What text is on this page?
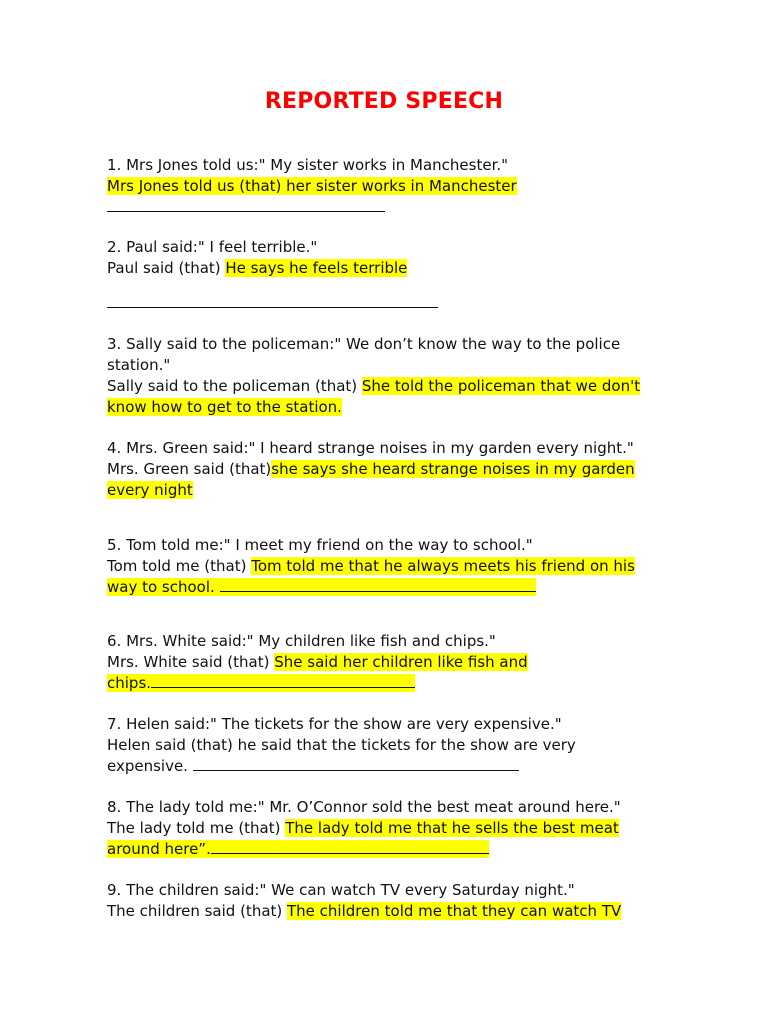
REPORTED SPEECH
1. Mrs Jones told us:" My sister works in Manchester."
Mrs Jones told us (that) her sister works in Manchester
2. Paul said:" I feel terrible."
Paul said (that) He says he feels terrible
3. Sally said to the policeman:" We don’t know the way to the police
station."
Sally said to the policeman (that) She told the policeman that we don't
know how to get to the station.
4. Mrs. Green said:" I heard strange noises in my garden every night."
Mrs. Green said (that)she says she heard strange noises in my garden
every night
5. Tom told me:" I meet my friend on the way to school."
Tom told me (that) Tom told me that he always meets his friend on his
way to school.
6. Mrs. White said:" My children like fish and chips."
Mrs. White said (that) She said her children like fish and
chips.
7. Helen said:" The tickets for the show are very expensive."
Helen said (that) he said that the tickets for the show are very
expensive.
8. The lady told me:" Mr. O’Connor sold the best meat around here."
The lady told me (that) The lady told me that he sells the best meat
around here”.
9. The children said:" We can watch TV every Saturday night."
The children said (that) The children told me that they can watch TV
